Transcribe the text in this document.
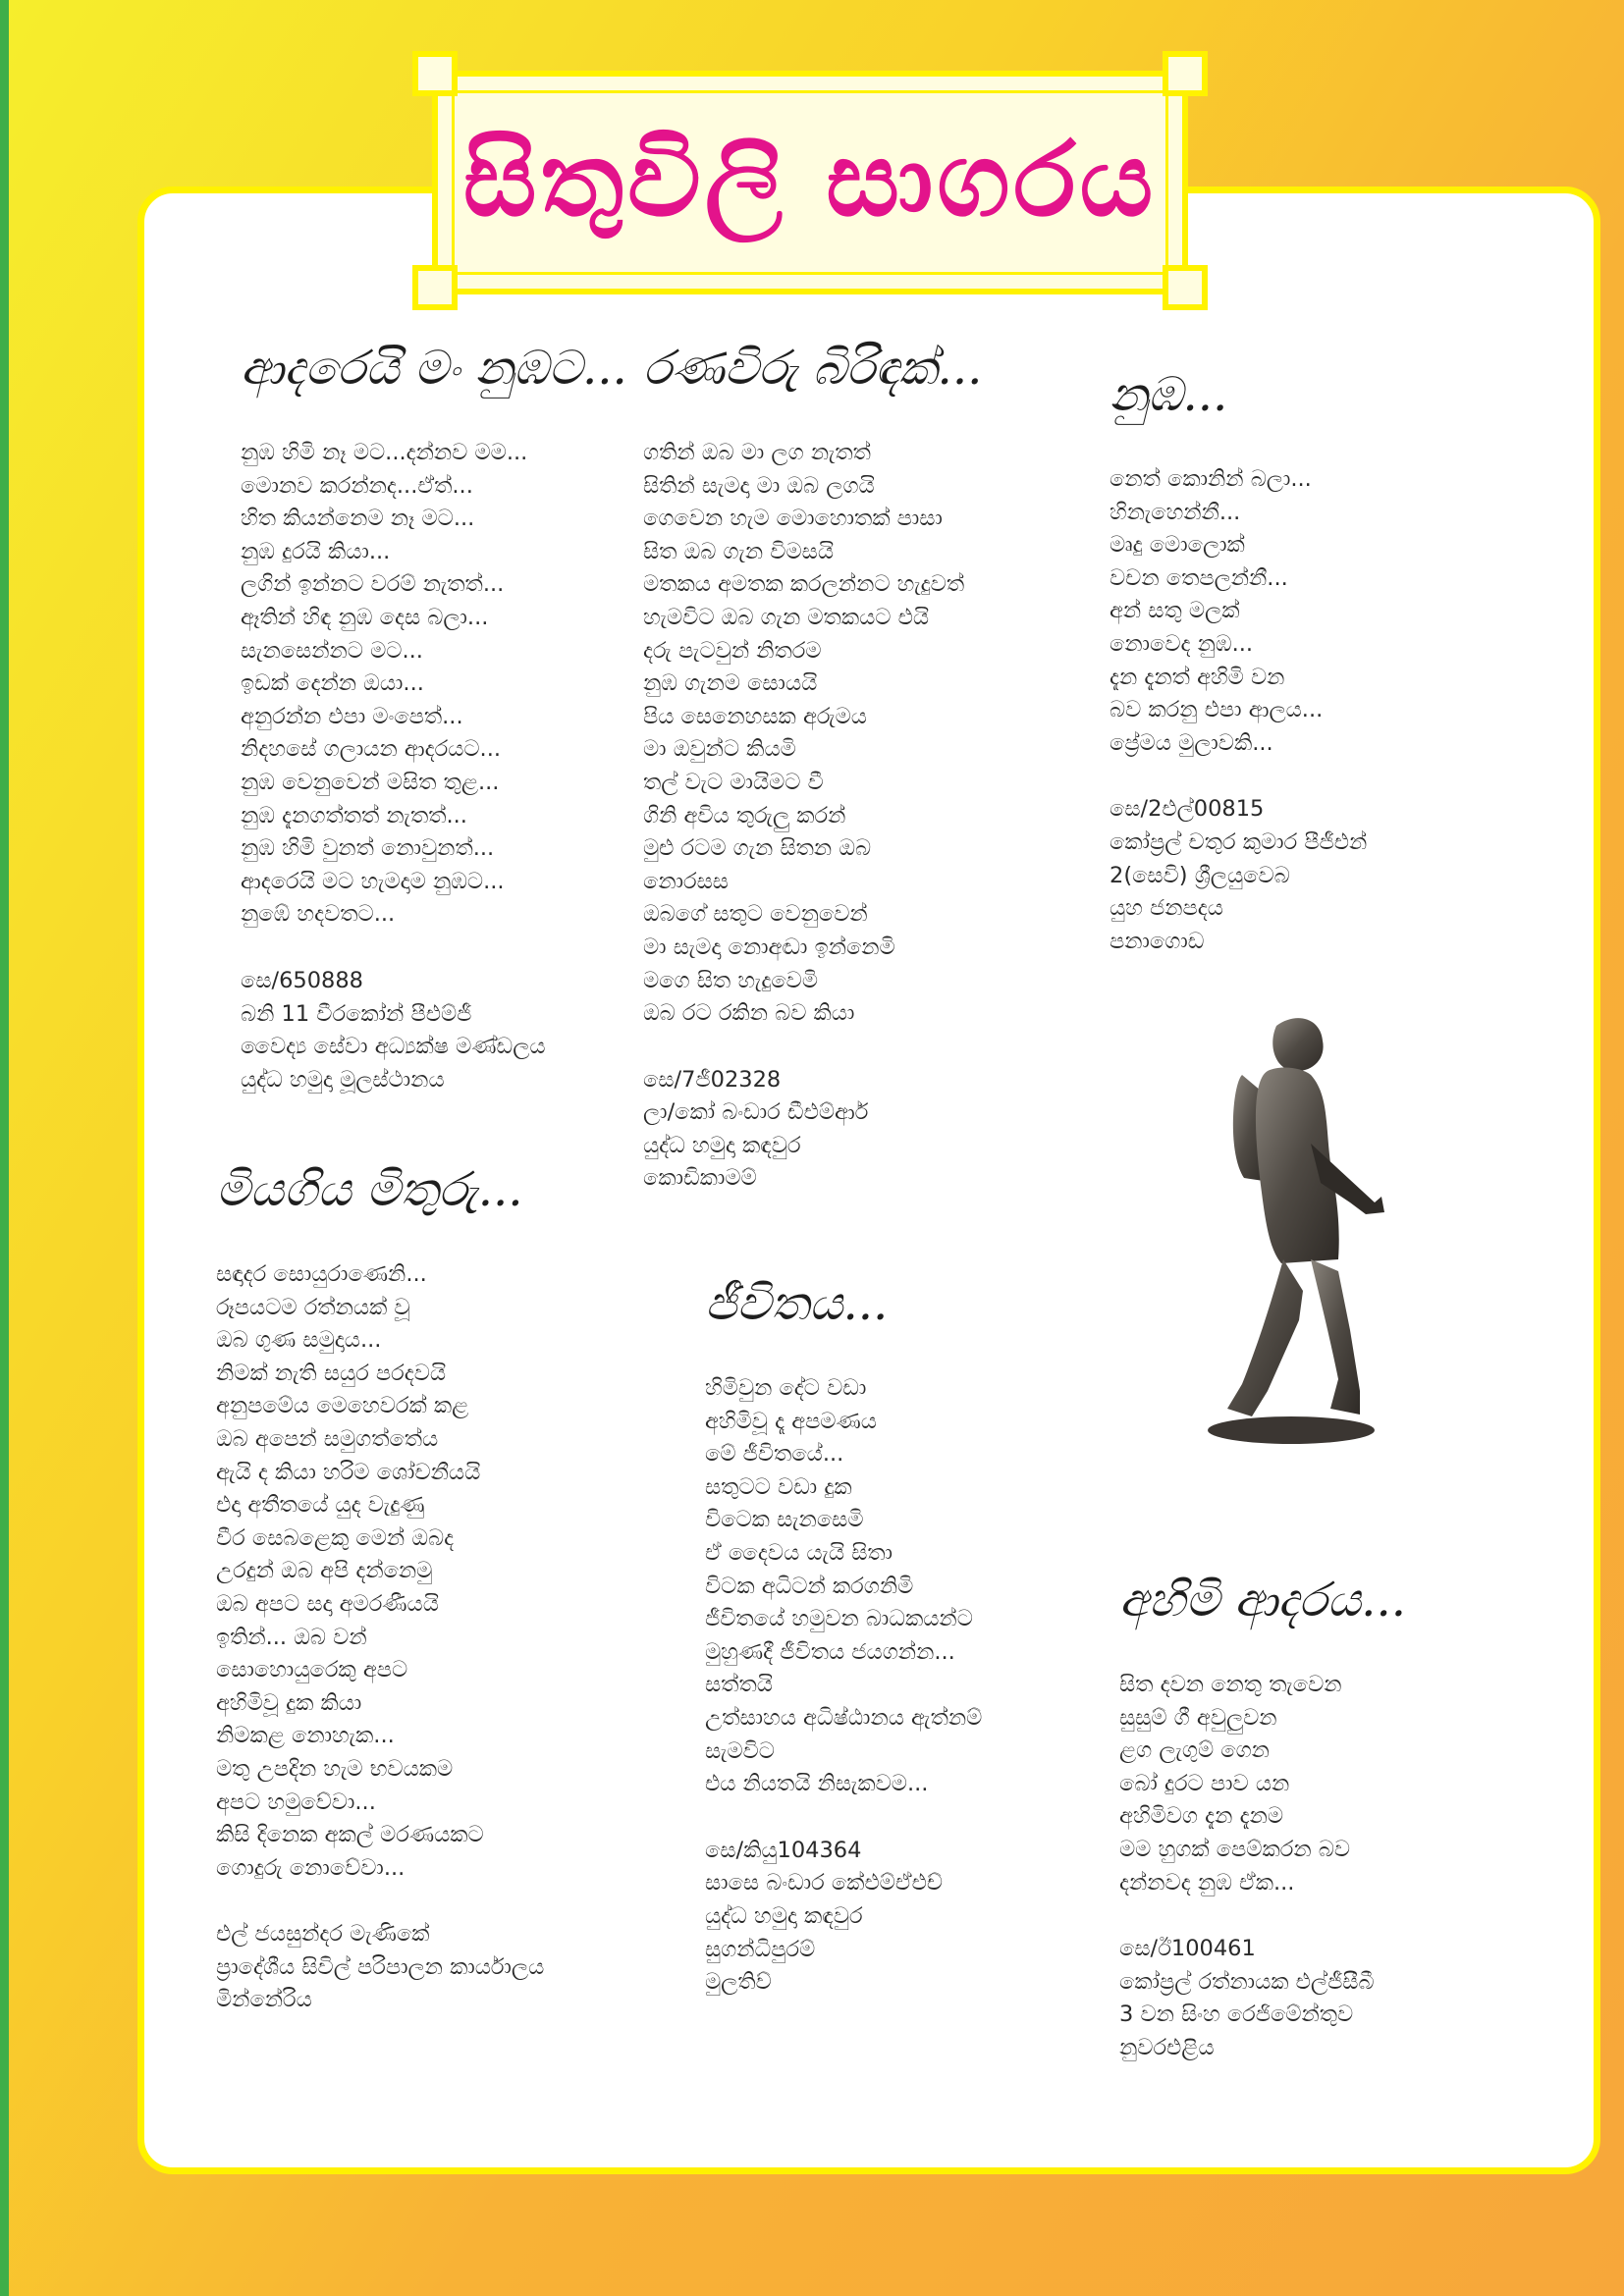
සිතුවිලි සාගරය
ආදරෙයි මං නුඹට...
නුඹ හිමි නෑ මට...දන්නව මම...
මොනව කරන්නද...ඒත්...
හිත කියන්නෙම නෑ මට...
නුඹ දුරයි කියා...
ලගින් ඉන්නට වරම් නැතත්...
ඈතින් හිඳ නුඹ දෙස බලා...
සැනසෙන්නට මට...
ඉඩක් දෙන්න ඔයා...
අනුරන්න එපා මංපෙත්...
නිදහසේ ගලායන ආදරයට...
නුඹ වෙනුවෙන් මසිත තුළ...
නුඹ දැනගත්තත් නැතත්...
නුඹ හිමි වුනත් නොවුනත්...
ආදරෙයි මට හැමදාම නුඹට...
නුඹේ හදවතට...
සෙ/650888
බනි 11 වීරකෝන් පීඑම්ජී
වෛද්‍ය සේවා අධ්‍යක්ෂ මණ්ඩලය
යුද්ධ හමුදා මූලස්ථානය
රණවිරු බිරිඳක්...
ගතින් ඔබ මා ලග නැතත්
සිතින් සැමදා මා ඔබ ලගයි
ගෙවෙන හැම මොහොතක් පාසා
සිත ඔබ ගැන විමසයි
මතකය අමතක කරලන්නට හැදුවත්
හැමවිට ඔබ ගැන මතකයට එයි
දරු පැටවුන් නිතරම
නුඹ ගැනම සොයයි
පිය සෙනෙහසක අරුමය
මා ඔවුන්ට කියමි
තල් වැට මායිමට වී
ගිනි අවිය තුරුලු කරන්
මුළු රටම ගැන සිතන ඔබ
නොරසස
ඔබගේ සතුට වෙනුවෙන්
මා සැමදා නොඅඬා ඉන්නෙමි
මගෙ සිත හැදුවෙමි
ඔබ රට රකින බව කියා
සෙ/7ජී02328
ලා/කෝ බංඩාර ඩීඑම්ආර්
යුද්ධ හමුදා කඳවුර
කොඩිකාමම්
නුඹ...
නෙත් කොනින් බලා...
හිනැහෙන්නී...
මෘදු මොලොක්
වචන තෙපලන්නී...
අන් සතු මලක්
නොවෙද නුඹ...
දැන දැනත් අහිමි වන
බව කරනු එපා ආලය...
ප්‍රේමය මුලාවකි...
සෙ/2එල්00815
කෝප්‍රල් චතුර කුමාර පීජීඑන්
2(සෙවි) ශ්‍රීලයුවෙබ
යුහ ජනපදය
පනාගොඩ
මියගිය මිතුරු...
සඳාදර සොයුරාණෙනි...
රූපයටම රත්නයක් වූ
ඔබ ගුණ සමුදාය...
නිමක් නැති සයුර පරදවයි
අනුපමේය මෙහෙවරක් කළ
ඔබ අපෙන් සමුගත්තේය
ඇයි ද කියා හරිම ශෝචනීයයි
එදා අතීතයේ යුද වැදුණු
වීර සෙබළෙකු මෙන් ඔබද
උරදුන් ඔබ අපි දන්නෙමු
ඔබ අපට සදා අමරණීයයි
ඉතින්... ඔබ වන්
සොහොයුරෙකු අපට
අහිමිවූ දුක කියා
නිමකළ නොහැක...
මතු උපදින හැම භවයකම
අපට හමුවේවා...
කිසි දිනෙක අකල් මරණයකට
ගොදුරු නොවේවා...
එල් ජයසුන්දර මැණිකේ
ප්‍රාදේශීය සිවිල් පරිපාලන කාර්යාලය
මින්නේරිය
ජීවිතය...
හිමිවුන දේට වඩා
අහිමිවූ දෑ අපමණය
මේ ජීවිතයේ...
සතුටට වඩා දුක
විටෙක සැනසෙමි
ඒ දෛවය යැයි සිතා
විටක අධිටන් කරගනිමි
ජීවිතයේ හමුවන බාධකයන්ට
මුහුණදී ජීවිතය ජයගන්න...
සත්තයි
උත්සාහය අධිෂ්ඨානය ඇත්නම්
සැමවිට
එය නියතයි නිසැකවම...
සෙ/කියු104364
සාසෙ බංඩාර කේඑම්ඒඑච්
යුද්ධ හමුදා කඳවුර
සුගන්ධිපුරම්
මුලතිව්
අහිමි ආදරය...
සිත දවන නෙතු තැවෙන
සුසුම් ගී අවුලුවන
ළග ලැගුම් ගෙන
බෝ දුරට පාව යන
අහිමිවග දැන දැනම
මම හුගක් පෙම්කරන බව
දන්නවද නුඹ ඒක...
සෙ/ඊ100461
කෝප්‍රල් රත්නායක එල්ජීසීබී
3 වන සිංහ රෙජිමේන්තුව
නුවරඑළිය
